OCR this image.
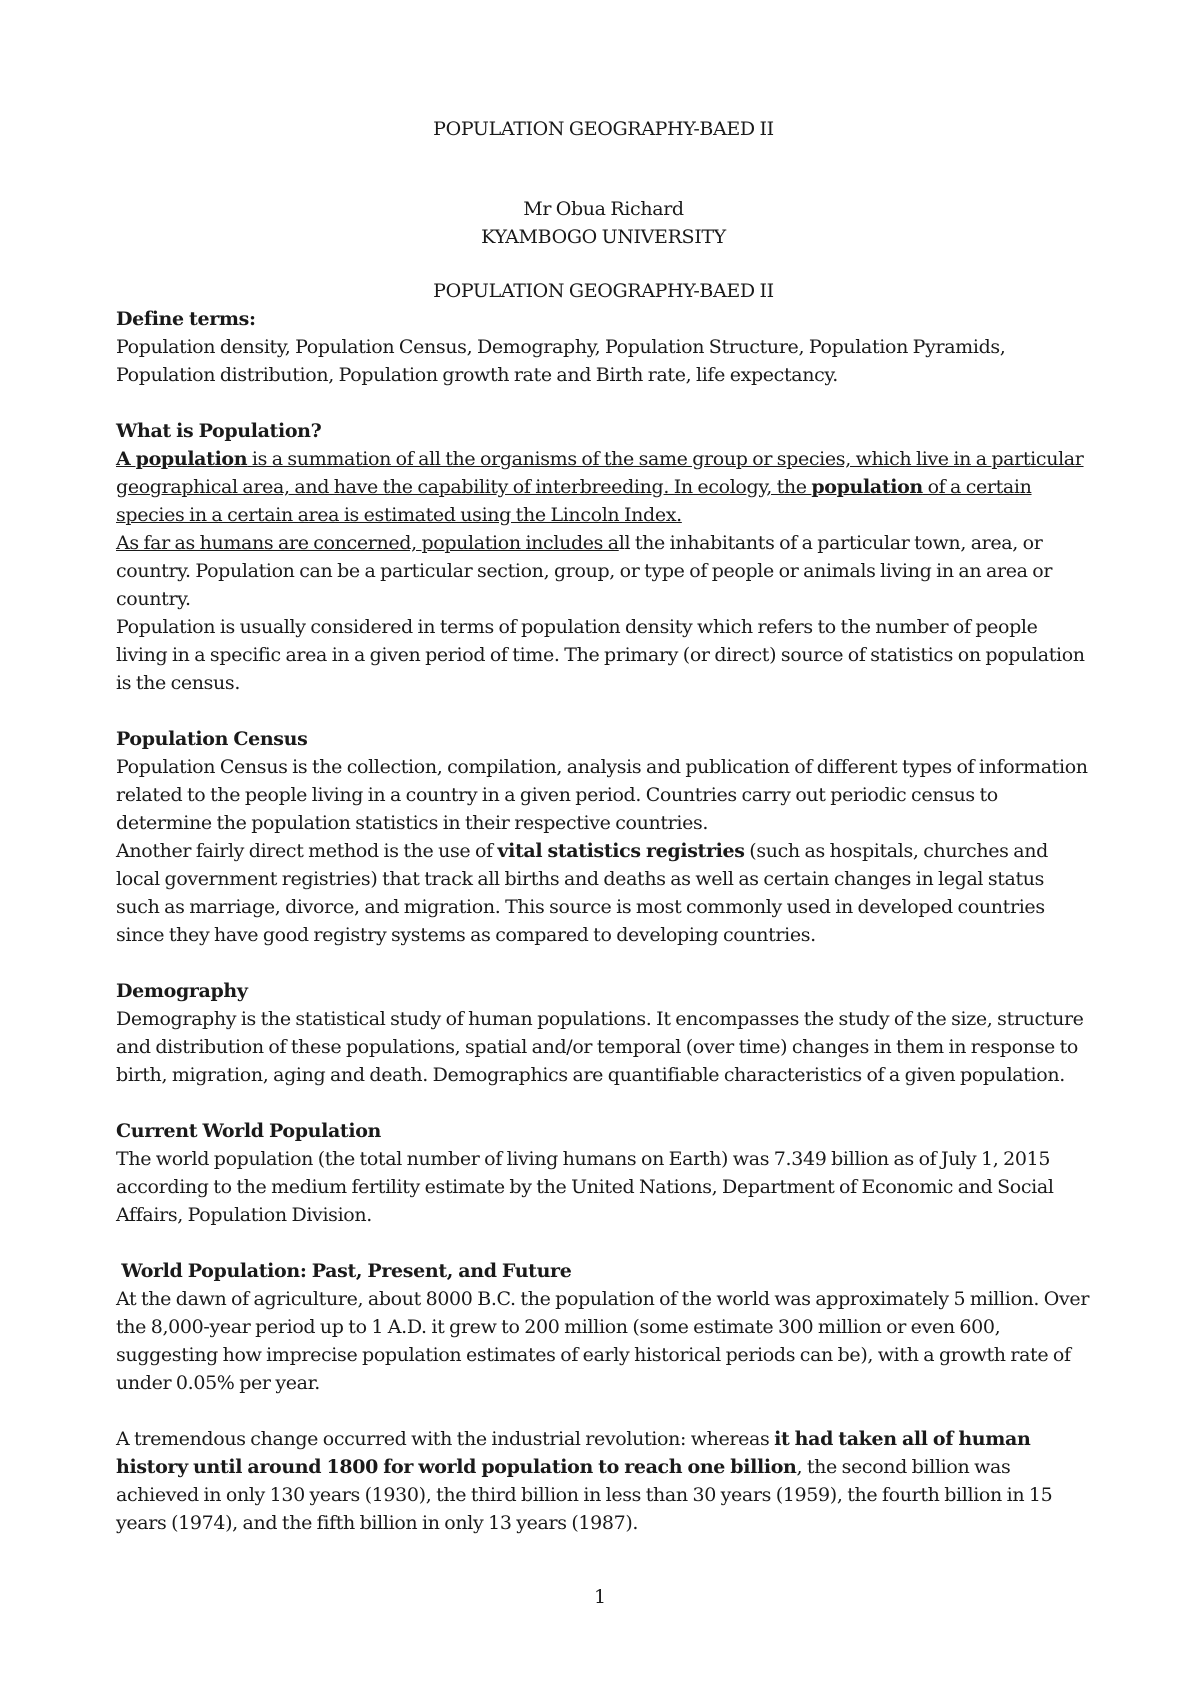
POPULATION GEOGRAPHY-BAED II

Mr Obua Richard

KYAMBOGO UNIVERSITY

POPULATION GEOGRAPHY-BAED II

Define terms:

Population density, Population Census, Demography, Population Structure, Population Pyramids,

Population distribution, Population growth rate and Birth rate, life expectancy.

What is Population?

A population is a summation of all the organisms of the same group or species, which live in a particular geographical area, and have the capability of interbreeding. In ecology, the population of a certain species in a certain area is estimated using the Lincoln Index.

As far as humans are concerned, population includes all the inhabitants of a particular town, area, or country. Population can be a particular section, group, or type of people or animals living in an area or country.

Population is usually considered in terms of population density which refers to the number of people living in a specific area in a given period of time. The primary (or direct) source of statistics on population is the census.

Population Census

Population Census is the collection, compilation, analysis and publication of different types of information related to the people living in a country in a given period. Countries carry out periodic census to determine the population statistics in their respective countries.

Another fairly direct method is the use of vital statistics registries (such as hospitals, churches and local government registries) that track all births and deaths as well as certain changes in legal status such as marriage, divorce, and migration. This source is most commonly used in developed countries since they have good registry systems as compared to developing countries.

Demography

Demography is the statistical study of human populations. It encompasses the study of the size, structure and distribution of these populations, spatial and/or temporal (over time) changes in them in response to birth, migration, aging and death. Demographics are quantifiable characteristics of a given population.

Current World Population

The world population (the total number of living humans on Earth) was 7.349 billion as of July 1, 2015 according to the medium fertility estimate by the United Nations, Department of Economic and Social Affairs, Population Division.

World Population: Past, Present, and Future

At the dawn of agriculture, about 8000 B.C. the population of the world was approximately 5 million. Over the 8,000-year period up to 1 A.D. it grew to 200 million (some estimate 300 million or even 600, suggesting how imprecise population estimates of early historical periods can be), with a growth rate of under 0.05% per year.

A tremendous change occurred with the industrial revolution: whereas it had taken all of human history until around 1800 for world population to reach one billion, the second billion was achieved in only 130 years (1930), the third billion in less than 30 years (1959), the fourth billion in 15 years (1974), and the fifth billion in only 13 years (1987).

1
